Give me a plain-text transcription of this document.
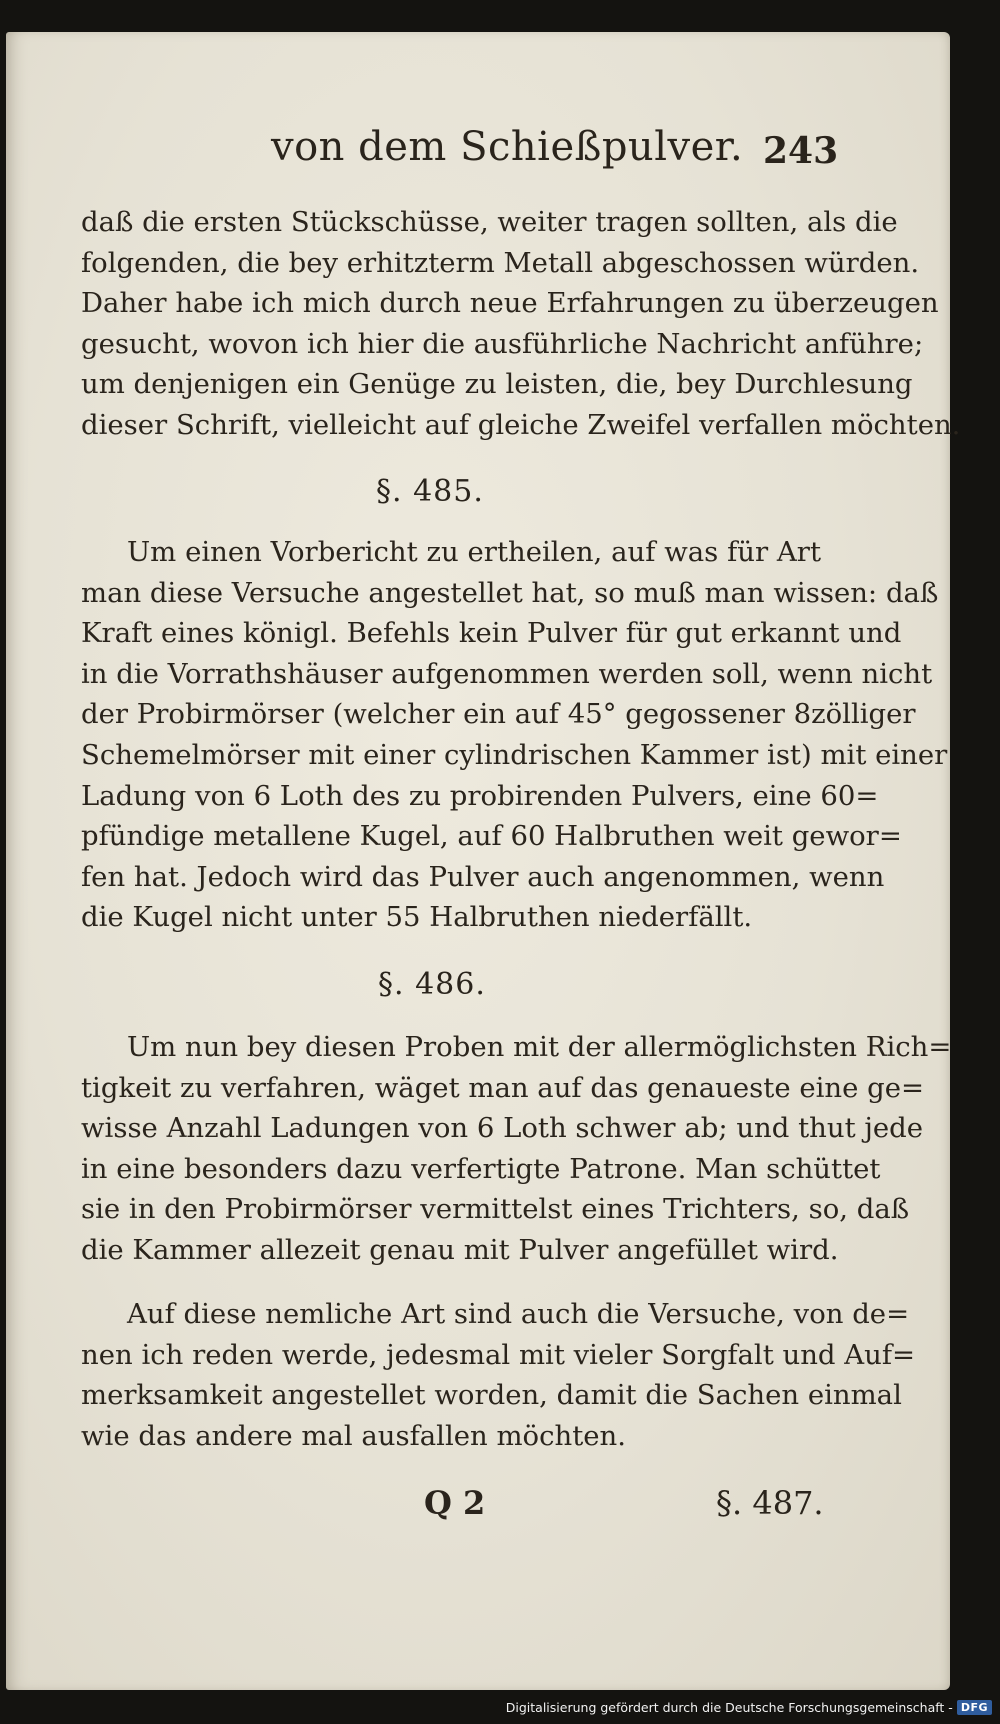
von dem Schießpulver. 243
daß die ersten Stückschüsse, weiter tragen sollten, als die
folgenden, die bey erhitzterm Metall abgeschossen würden.
Daher habe ich mich durch neue Erfahrungen zu überzeugen
gesucht, wovon ich hier die ausführliche Nachricht anführe;
um denjenigen ein Genüge zu leisten, die, bey Durchlesung
dieser Schrift, vielleicht auf gleiche Zweifel verfallen möchten.
§. 485.
Um einen Vorbericht zu ertheilen, auf was für Art
man diese Versuche angestellet hat, so muß man wissen: daß
Kraft eines königl. Befehls kein Pulver für gut erkannt und
in die Vorrathshäuser aufgenommen werden soll, wenn nicht
der Probirmörser (welcher ein auf 45° gegossener 8zölliger
Schemelmörser mit einer cylindrischen Kammer ist) mit einer
Ladung von 6 Loth des zu probirenden Pulvers, eine 60=
pfündige metallene Kugel, auf 60 Halbruthen weit gewor=
fen hat. Jedoch wird das Pulver auch angenommen, wenn
die Kugel nicht unter 55 Halbruthen niederfällt.
§. 486.
Um nun bey diesen Proben mit der allermöglichsten Rich=
tigkeit zu verfahren, wäget man auf das genaueste eine ge=
wisse Anzahl Ladungen von 6 Loth schwer ab; und thut jede
in eine besonders dazu verfertigte Patrone. Man schüttet
sie in den Probirmörser vermittelst eines Trichters, so, daß
die Kammer allezeit genau mit Pulver angefüllet wird.
Auf diese nemliche Art sind auch die Versuche, von de=
nen ich reden werde, jedesmal mit vieler Sorgfalt und Auf=
merksamkeit angestellet worden, damit die Sachen einmal
wie das andere mal ausfallen möchten.
Q 2	§. 487.
Digitalisierung gefördert durch die Deutsche Forschungsgemeinschaft - DFG
